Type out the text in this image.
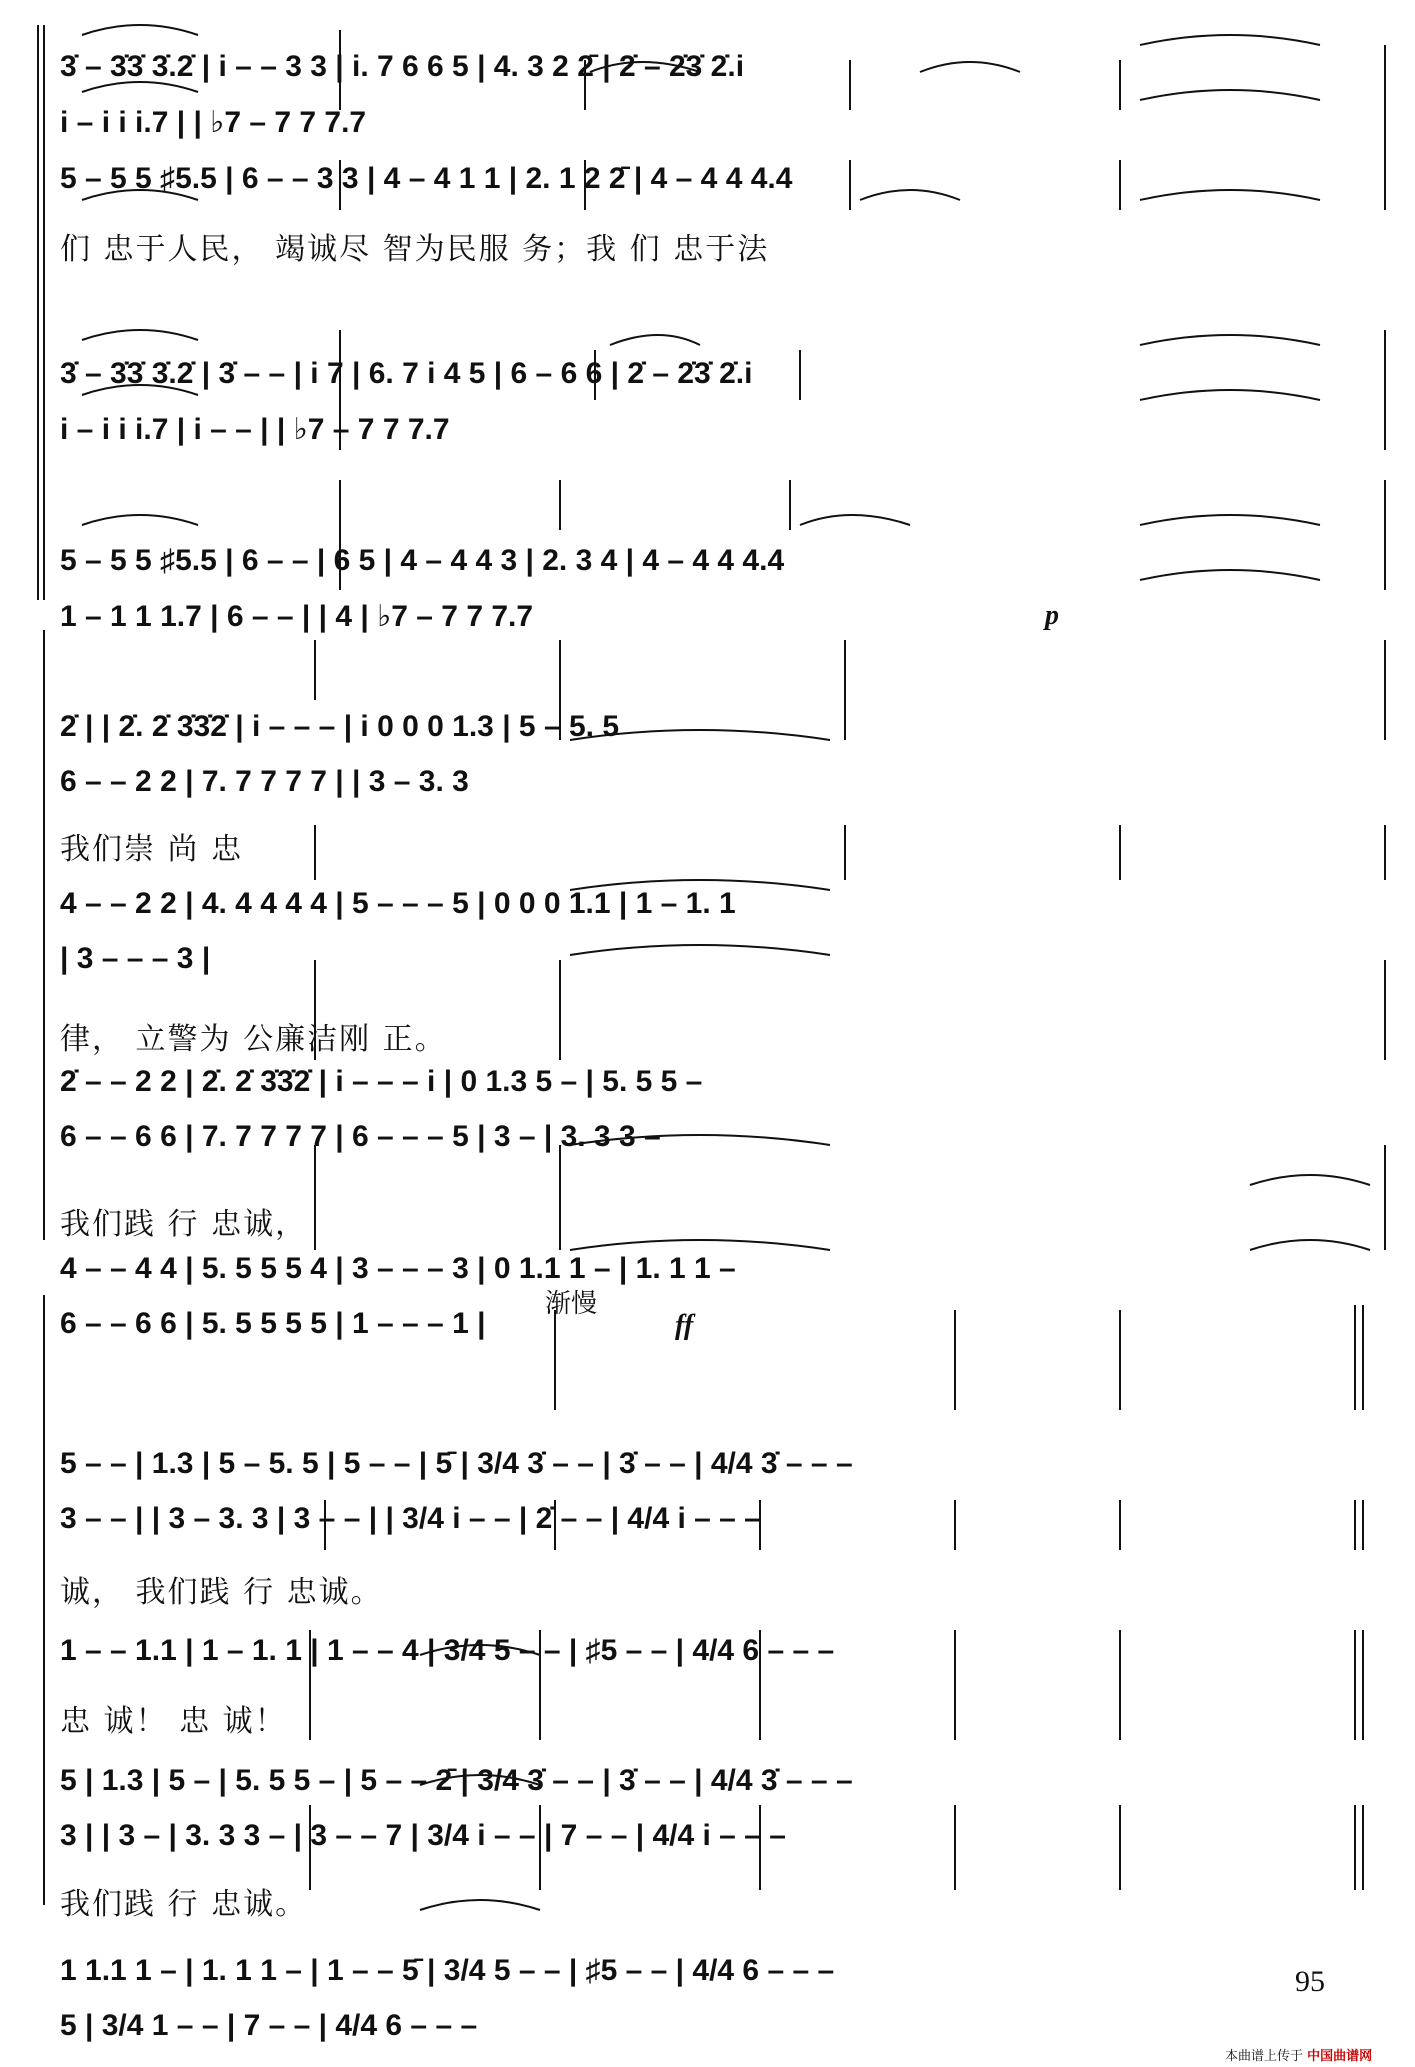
95
渐慢
ff
p
3̇ – 3̇3̇ 3̇.2̇ | i – – 3 3 | i. 7 6 6 5 | 4. 3 2 2̄ | 2̇ – 2̇3̇ 2̇.i
i – i i i.7 | | ♭7 – 7 7 7.7
5 – 5 5 ♯5.5 | 6 – – 3 3 | 4 – 4 1 1 | 2. 1 2 2̄ | 4 – 4 4 4.4
3̇ – 3̇3̇ 3̇.2̇ | 3̇ – – | i 7 | 6. 7 i 4 5 | 6 – 6 6 | 2̇ – 2̇3̇ 2̇.i
i – i i i.7 | i – – | | ♭7 – 7 7 7.7
5 – 5 5 ♯5.5 | 6 – – | 6 5 | 4 – 4 4 3 | 2. 3 4 | 4 – 4 4 4.4
1 – 1 1 1.7 | 6 – – | | 4 | ♭7 – 7 7 7.7
们 忠于人民， 竭诚尽 智为民服 务；我 们 忠于法
2̇ | | 2̇. 2̇ 3̇3̇2̇ | i – – – | i 0 0 0 1.3 | 5 – 5. 5
6 – – 2 2 | 7. 7 7 7 7 | | 3 – 3. 3
4 – – 2 2 | 4. 4 4 4 4 | 5 – – – 5 | 0 0 0 1.1 | 1 – 1. 1
| 3 – – – 3 |
2̇ – – 2 2 | 2̇. 2̇ 3̇3̇2̇ | i – – – i | 0 1.3 5 – | 5. 5 5 –
6 – – 6 6 | 7. 7 7 7 7 | 6 – – – 5 | 3 – | 3. 3 3 –
4 – – 4 4 | 5. 5 5 5 4 | 3 – – – 3 | 0 1.1 1 – | 1. 1 1 –
6 – – 6 6 | 5. 5 5 5 5 | 1 – – – 1 |
我们崇 尚 忠
律， 立警为 公廉洁刚 正。
我们践 行 忠诚，
5 – – | 1.3 | 5 – 5. 5 | 5 – – | 5̄ | 3/4 3̇ – – | 3̇ – – | 4/4 3̇ – – –
3 – – | | 3 – 3. 3 | 3 – – | | 3/4 i – – | 2̇ – – | 4/4 i – – –
1 – – 1.1 | 1 – 1. 1 | 1 – – 4 | 3/4 5 – – | ♯5 – – | 4/4 6 – – –
5 | 1.3 | 5 – | 5. 5 5 – | 5 – – 2̄ | 3/4 3̇ – – | 3̇ – – | 4/4 3̇ – – –
3 | | 3 – | 3. 3 3 – | 3 – – 7 | 3/4 i – – | 7 – – | 4/4 i – – –
1 1.1 1 – | 1. 1 1 – | 1 – – 5̄ | 3/4 5 – – | ♯5 – – | 4/4 6 – – –
5 | 3/4 1 – – | 7 – – | 4/4 6 – – –
诚， 我们践 行 忠诚。
忠 诚！ 忠 诚！
我们践 行 忠诚。
本曲谱上传于 中国曲谱网
